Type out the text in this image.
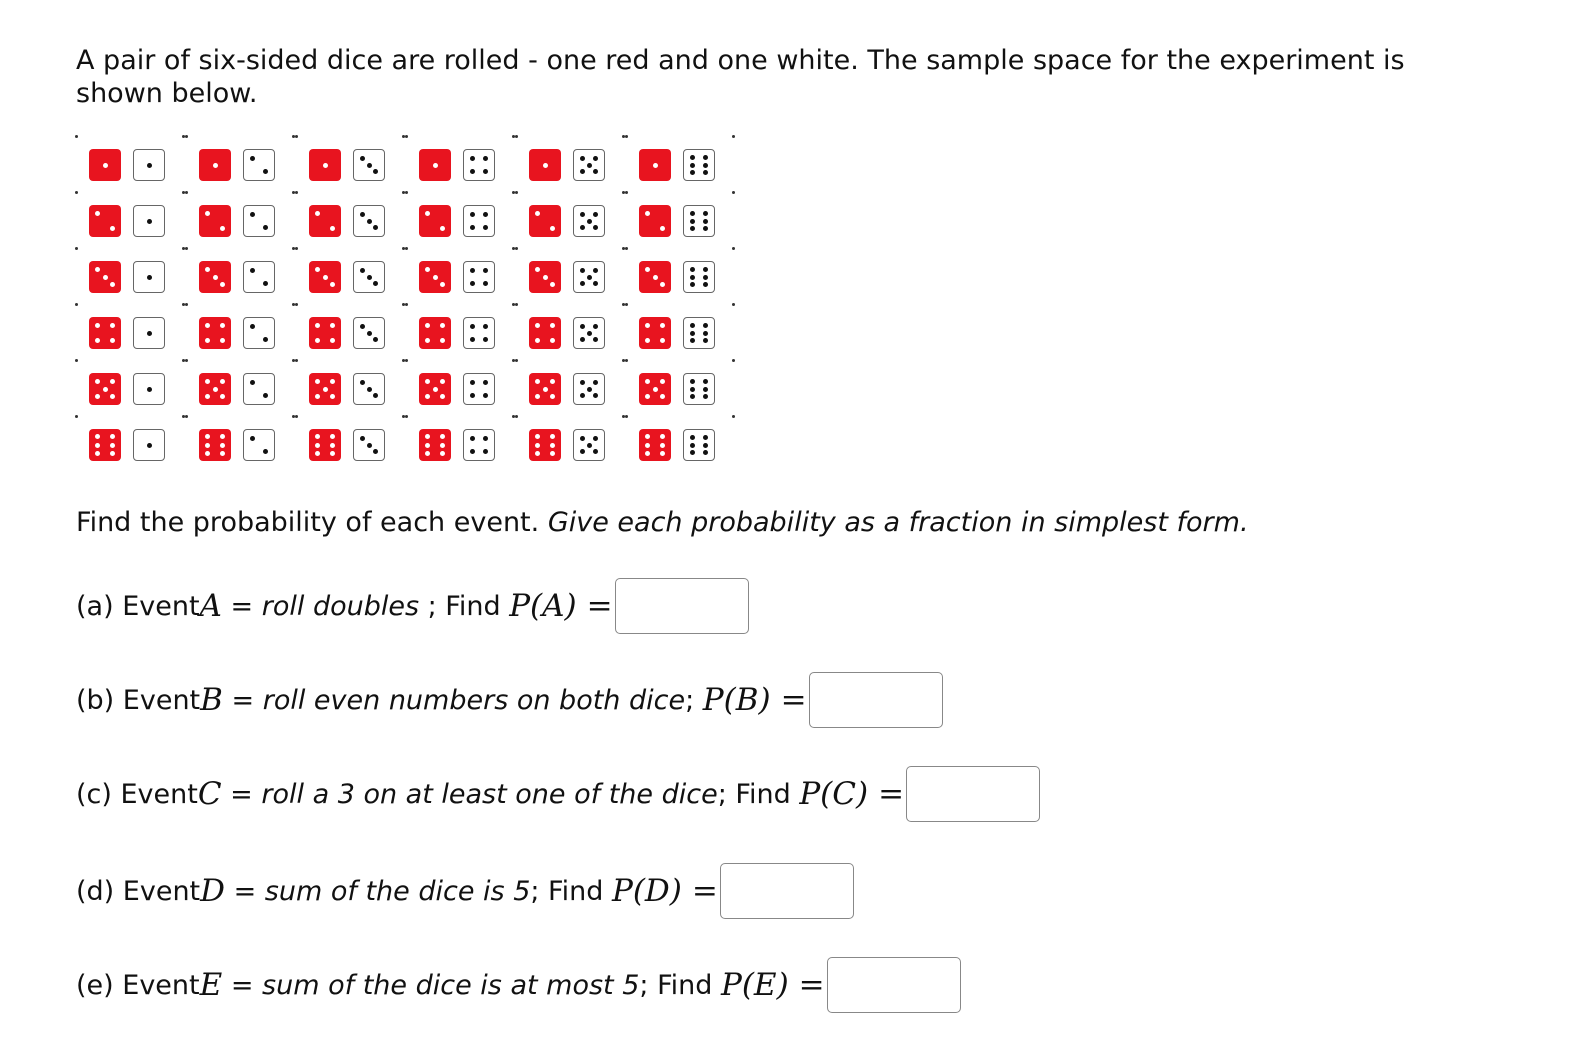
A pair of six-sided dice are rolled - one red and one white. The sample space for the experiment is shown below.

Find the probability of each event. Give each probability as a fraction in simplest form.

(a) Event A = roll doubles ; Find P(A) =
(b) Event B = roll even numbers on both dice ; P(B) =
(c) Event C = roll a 3 on at least one of the dice ; Find P(C) =
(d) Event D = sum of the dice is 5 ; Find P(D) =
(e) Event E = sum of the dice is at most 5 ; Find P(E) =
